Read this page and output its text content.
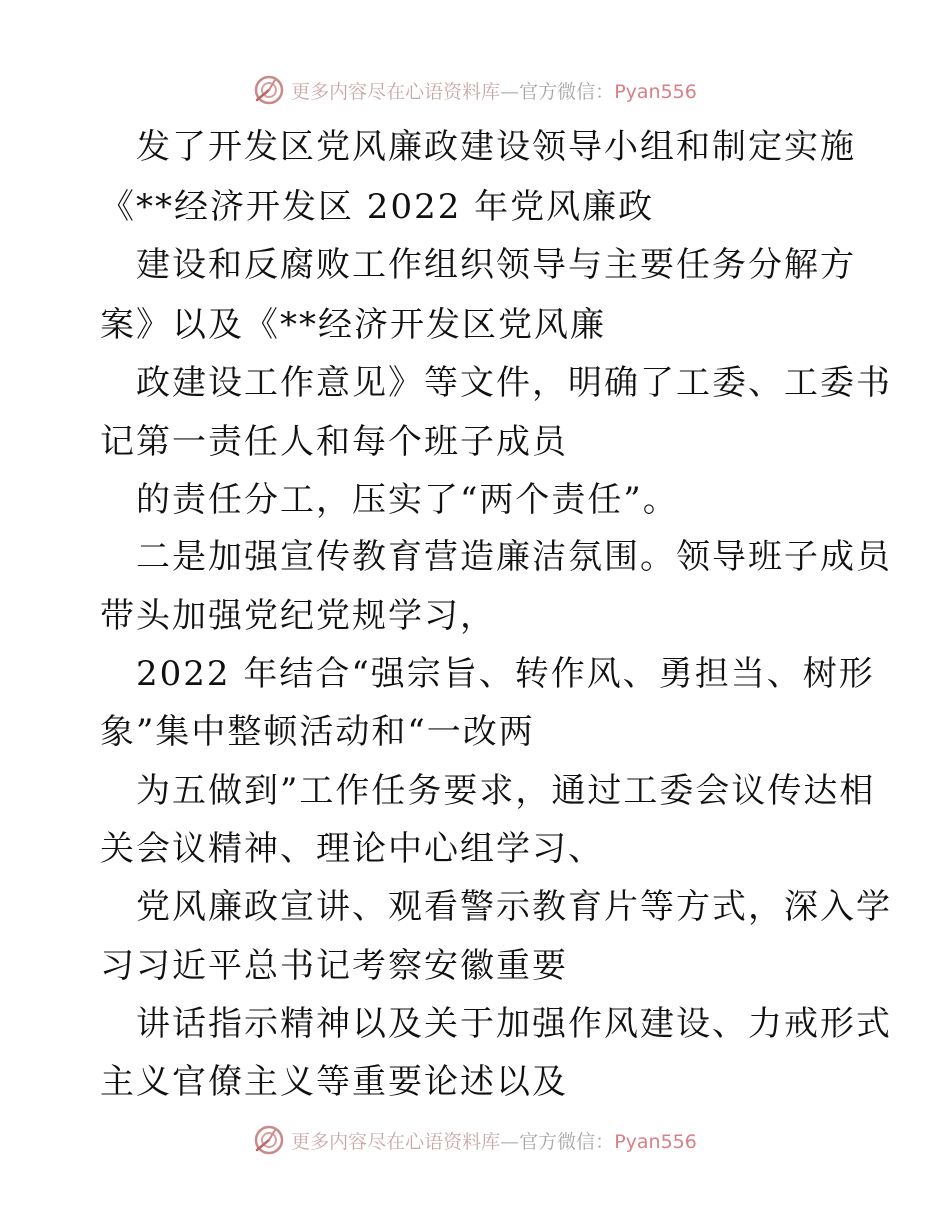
更多内容尽在心语资料库—官方微信：Pyan556
发了开发区党风廉政建设领导小组和制定实施
《**经济开发区 2022 年党风廉政
建设和反腐败工作组织领导与主要任务分解方
案》以及《**经济开发区党风廉
政建设工作意见》等文件，明确了工委、工委书
记第一责任人和每个班子成员
的责任分工，压实了“两个责任”。
二是加强宣传教育营造廉洁氛围。领导班子成员
带头加强党纪党规学习，
2022 年结合“强宗旨、转作风、勇担当、树形
象”集中整顿活动和“一改两
为五做到”工作任务要求，通过工委会议传达相
关会议精神、理论中心组学习、
党风廉政宣讲、观看警示教育片等方式，深入学
习习近平总书记考察安徽重要
讲话指示精神以及关于加强作风建设、力戒形式
主义官僚主义等重要论述以及
更多内容尽在心语资料库—官方微信：Pyan556
